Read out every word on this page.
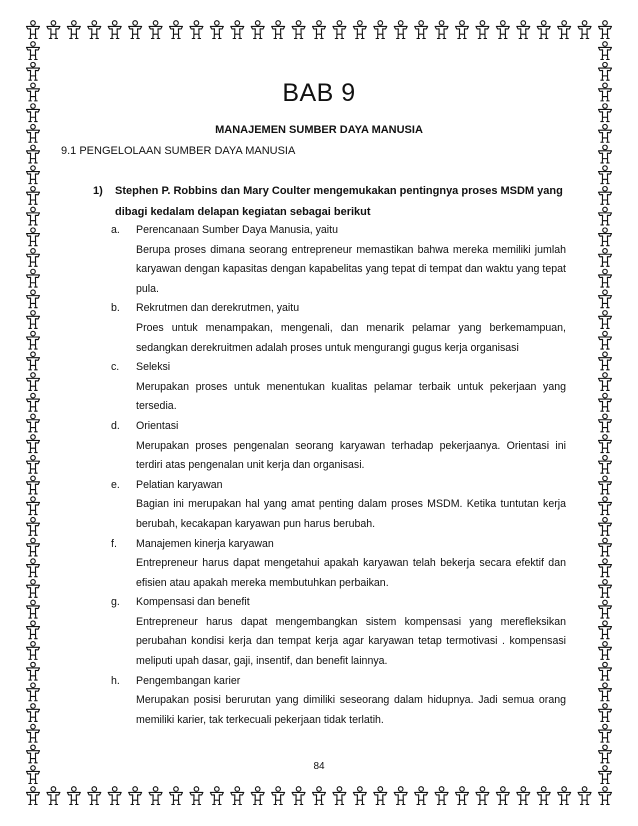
BAB 9
MANAJEMEN SUMBER DAYA MANUSIA
9.1 PENGELOLAAN SUMBER DAYA MANUSIA
1) Stephen P. Robbins dan Mary Coulter mengemukakan pentingnya proses MSDM yang dibagi kedalam delapan kegiatan sebagai berikut
a. Perencanaan Sumber Daya Manusia, yaitu
Berupa proses dimana seorang entrepreneur memastikan bahwa mereka memiliki jumlah karyawan dengan kapasitas dengan kapabelitas yang tepat di tempat dan waktu yang tepat pula.
b. Rekrutmen dan derekrutmen, yaitu
Proes untuk menampakan, mengenali, dan menarik pelamar yang berkemampuan, sedangkan derekruitmen adalah proses untuk mengurangi gugus kerja organisasi
c. Seleksi
Merupakan proses untuk menentukan kualitas pelamar terbaik untuk pekerjaan yang tersedia.
d. Orientasi
Merupakan proses pengenalan seorang karyawan terhadap pekerjaanya. Orientasi ini terdiri atas pengenalan unit kerja dan organisasi.
e. Pelatian karyawan
Bagian ini merupakan hal yang amat penting dalam proses MSDM. Ketika tuntutan kerja berubah, kecakapan karyawan pun harus berubah.
f. Manajemen kinerja karyawan
Entrepreneur harus dapat mengetahui apakah karyawan telah bekerja secara efektif dan efisien atau apakah mereka membutuhkan perbaikan.
g. Kompensasi dan benefit
Entrepreneur harus dapat mengembangkan sistem kompensasi yang merefleksikan perubahan kondisi kerja dan tempat kerja agar karyawan tetap termotivasi . kompensasi meliputi upah dasar, gaji, insentif, dan benefit lainnya.
h. Pengembangan karier
Merupakan posisi berurutan yang dimiliki seseorang dalam hidupnya. Jadi semua orang memiliki karier, tak terkecuali pekerjaan tidak terlatih.
84
